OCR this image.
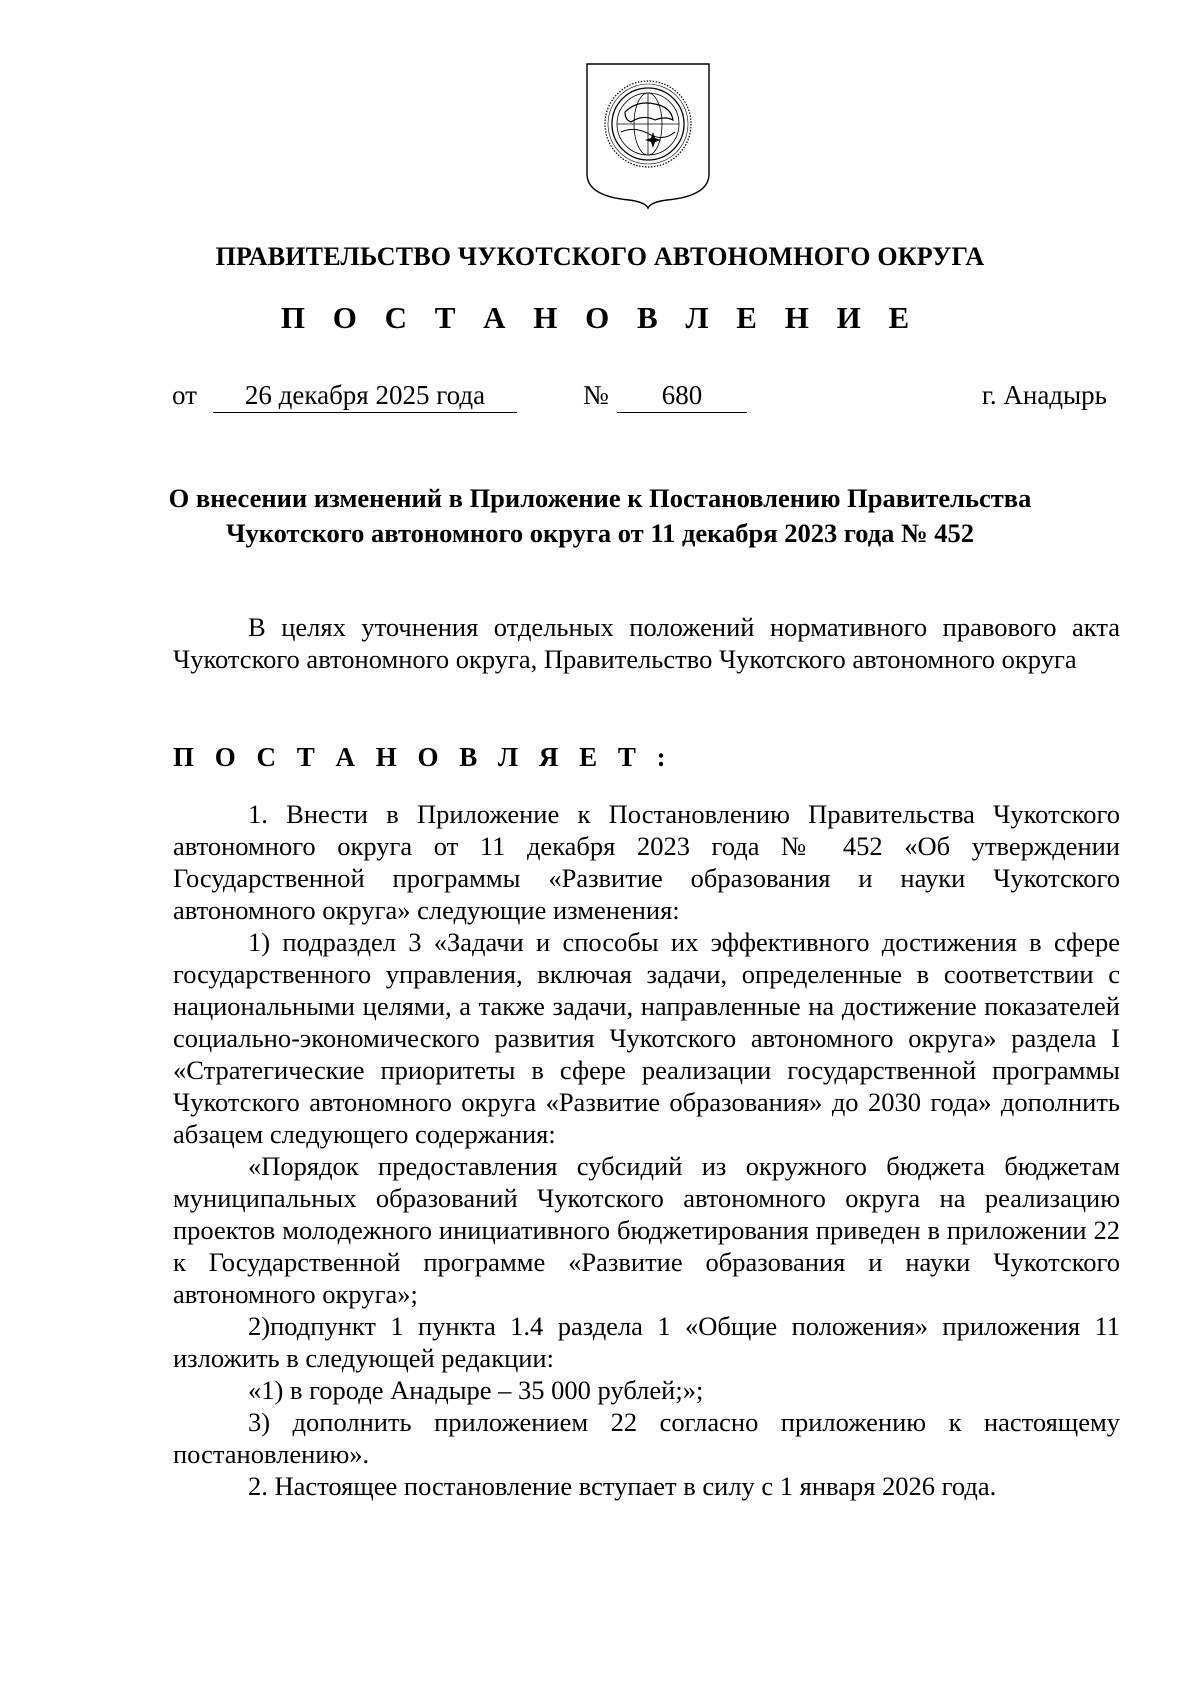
ПРАВИТЕЛЬСТВО ЧУКОТСКОГО АВТОНОМНОГО ОКРУГА
П О С Т А Н О В Л Е Н И Е
от	26 декабря 2025 года	№	680	г. Анадырь
О внесении изменений в Приложение к Постановлению Правительства
Чукотского автономного округа от 11 декабря 2023 года № 452

В целях уточнения отдельных положений нормативного правового акта Чукотского автономного округа, Правительство Чукотского автономного округа

П О С Т А Н О В Л Я Е Т :

1. Внести в Приложение к Постановлению Правительства Чукотского автономного округа от 11 декабря 2023 года № 452 «Об утверждении Государственной программы «Развитие образования и науки Чукотского автономного округа» следующие изменения:

1) подраздел 3 «Задачи и способы их эффективного достижения в сфере государственного управления, включая задачи, определенные в соответствии с национальными целями, а также задачи, направленные на достижение показателей социально-экономического развития Чукотского автономного округа» раздела I «Стратегические приоритеты в сфере реализации государственной программы Чукотского автономного округа «Развитие образования» до 2030 года» дополнить абзацем следующего содержания:

«Порядок предоставления субсидий из окружного бюджета бюджетам муниципальных образований Чукотского автономного округа на реализацию проектов молодежного инициативного бюджетирования приведен в приложении 22 к Государственной программе «Развитие образования и науки Чукотского автономного округа»;

2)подпункт 1 пункта 1.4 раздела 1 «Общие положения» приложения 11 изложить в следующей редакции:

«1) в городе Анадыре – 35 000 рублей;»;

3) дополнить приложением 22 согласно приложению к настоящему постановлению».

2. Настоящее постановление вступает в силу с 1 января 2026 года.
